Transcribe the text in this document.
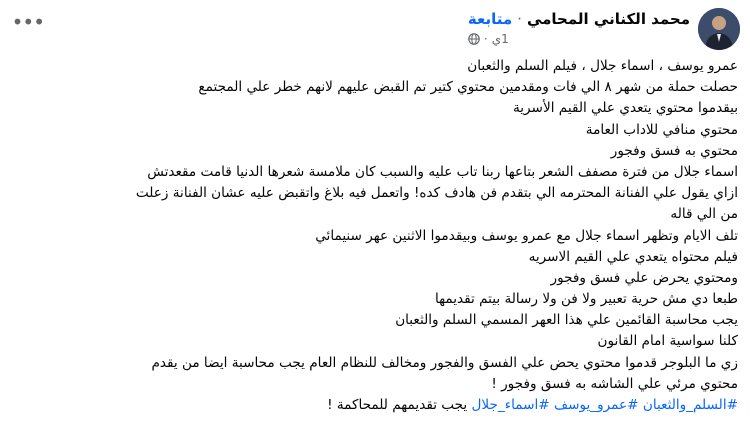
•••	محمد الكناني المحامي
·
متابعة
1ي
·
عمرو يوسف ، اسماء جلال ، فيلم السلم والثعبان
حصلت حملة من شهر ٨ الي فات ومقدمين محتوي كتير تم القبض عليهم لانهم خطر علي المجتمع
بيقدموا محتوي يتعدي علي القيم الأسرية
محتوي منافي للاداب العامة
محتوي به فسق وفجور
اسماء جلال من فترة مصفف الشعر بتاعها ربنا تاب عليه والسبب كان ملامسة شعرها الدنيا قامت مقعدتش
ازاي يقول علي الفنانة المحترمه الي بتقدم فن هادف كده! واتعمل فيه بلاغ واتقبض عليه عشان الفنانة زعلت
من الي قاله
تلف الايام وتظهر اسماء جلال مع عمرو يوسف وبيقدموا الاثنين عهر سنيمائي
فيلم محتواه يتعدي علي القيم الاسريه
ومحتوي يحرض علي فسق وفجور
طبعا دي مش حرية تعبير ولا فن ولا رسالة بيتم تقديمها
يجب محاسبة القائمين علي هذا العهر المسمي السلم والثعبان
كلنا سواسية امام القانون
زي ما البلوجر قدموا محتوي يحض علي الفسق والفجور ومخالف للنظام العام يجب محاسبة ايضا من يقدم
محتوي مرئي علي الشاشه به فسق وفجور !
#السلم_والثعبان #عمرو_يوسف #اسماء_جلال يجب تقديمهم للمحاكمة !
